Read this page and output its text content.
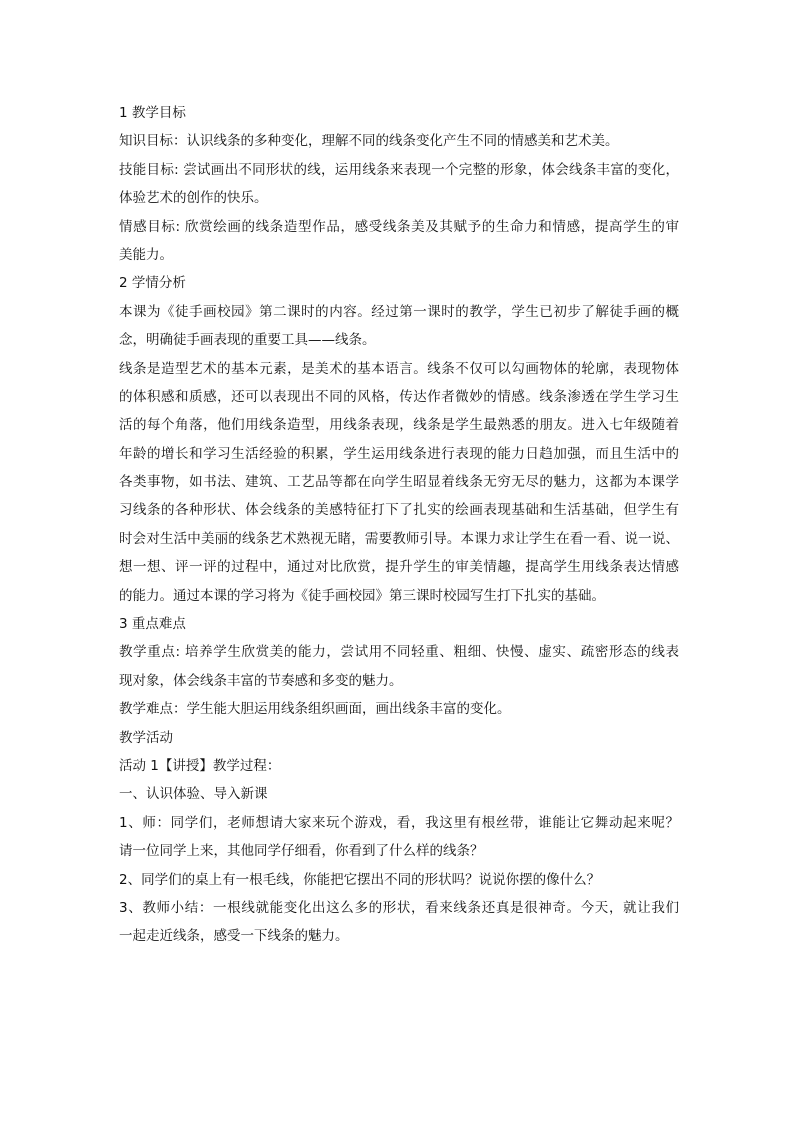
1 教学目标
知识目标：认识线条的多种变化，理解不同的线条变化产生不同的情感美和艺术美。
技能目标: 尝试画出不同形状的线，运用线条来表现一个完整的形象，体会线条丰富的变化，
体验艺术的创作的快乐。
情感目标: 欣赏绘画的线条造型作品，感受线条美及其赋予的生命力和情感，提高学生的审
美能力。
2 学情分析
本课为《徒手画校园》第二课时的内容。经过第一课时的教学，学生已初步了解徒手画的概
念，明确徒手画表现的重要工具——线条。
线条是造型艺术的基本元素，是美术的基本语言。线条不仅可以勾画物体的轮廓，表现物体
的体积感和质感，还可以表现出不同的风格，传达作者微妙的情感。线条渗透在学生学习生
活的每个角落，他们用线条造型，用线条表现，线条是学生最熟悉的朋友。进入七年级随着
年龄的增长和学习生活经验的积累，学生运用线条进行表现的能力日趋加强，而且生活中的
各类事物，如书法、建筑、工艺品等都在向学生昭显着线条无穷无尽的魅力，这都为本课学
习线条的各种形状、体会线条的美感特征打下了扎实的绘画表现基础和生活基础，但学生有
时会对生活中美丽的线条艺术熟视无睹，需要教师引导。本课力求让学生在看一看、说一说、
想一想、评一评的过程中，通过对比欣赏，提升学生的审美情趣，提高学生用线条表达情感
的能力。通过本课的学习将为《徒手画校园》第三课时校园写生打下扎实的基础。
3 重点难点
教学重点: 培养学生欣赏美的能力，尝试用不同轻重、粗细、快慢、虚实、疏密形态的线表
现对象，体会线条丰富的节奏感和多变的魅力。
教学难点：学生能大胆运用线条组织画面，画出线条丰富的变化。
教学活动
活动 1【讲授】教学过程：
一、认识体验、导入新课
1、师：同学们，老师想请大家来玩个游戏，看，我这里有根丝带，谁能让它舞动起来呢？
请一位同学上来，其他同学仔细看，你看到了什么样的线条？
2、同学们的桌上有一根毛线，你能把它摆出不同的形状吗？说说你摆的像什么？
3、教师小结：一根线就能变化出这么多的形状，看来线条还真是很神奇。今天，就让我们
一起走近线条，感受一下线条的魅力。
